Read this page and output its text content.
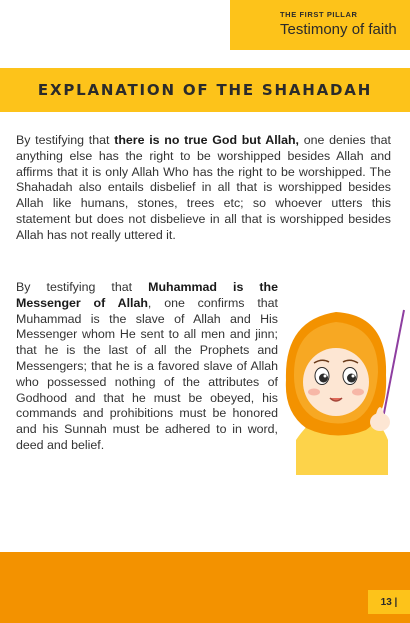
THE FIRST PILLAR
Testimony of faith
EXPLANATION OF THE SHAHADAH

By testifying that there is no true God but Allah, one denies that anything else has the right to be worshipped besides Allah and affirms that it is only Allah Who has the right to be worshipped. The Shahadah also entails disbelief in all that is worshipped besides Allah like humans, stones, trees etc; so whoever utters this statement but does not disbelieve in all that is worshipped besides Allah has not really uttered it.

By testifying that Muhammad is the Messenger of Allah, one confirms that Muhammad is the slave of Allah and His Messenger whom He sent to all men and jinn; that he is the last of all the Prophets and Messengers; that he is a favored slave of Allah who possessed nothing of the attributes of Godhood and that he must be obeyed, his commands and prohibitions must be honored and his Sunnah must be adhered to in word, deed and belief.

13 |
